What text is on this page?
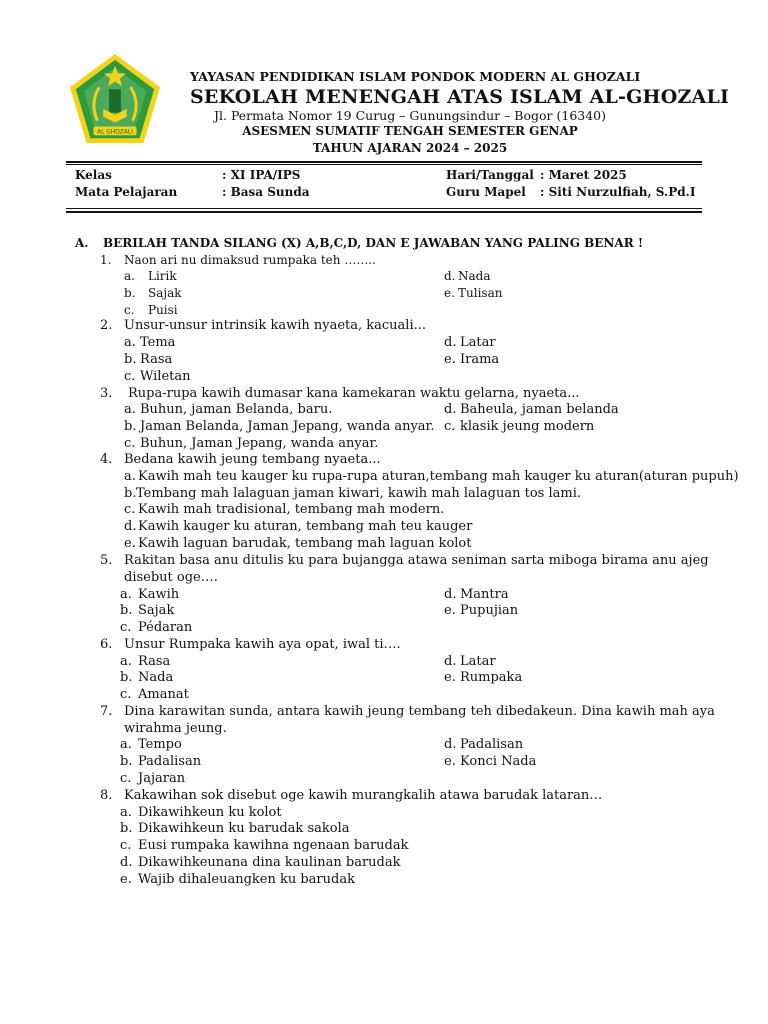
AL GHOZALI
YAYASAN PENDIDIKAN ISLAM PONDOK MODERN AL GHOZALI
SEKOLAH MENENGAH ATAS ISLAM AL-GHOZALI
Jl. Permata Nomor 19 Curug – Gunungsindur – Bogor (16340)
ASESMEN SUMATIF TENGAH SEMESTER GENAP
TAHUN AJARAN 2024 – 2025
Kelas	: XI IPA/IPS	Hari/Tanggal : Maret 2025
Mata Pelajaran	: Basa Sunda	Guru Mapel : Siti Nurzulfiah, S.Pd.I
A. BERILAH TANDA SILANG (X) A,B,C,D, DAN E JAWABAN YANG PALING BENAR !
1. Naon ari nu dimaksud rumpaka teh ……..
a. Lirik
b. Sajak
c. Puisi
d. Nada
e. Tulisan
2. Unsur-unsur intrinsik kawih nyaeta, kacuali...
a. Tema
b. Rasa
c. Wiletan
d. Latar
e. Irama
3. Rupa-rupa kawih dumasar kana kamekaran waktu gelarna, nyaeta...
a. Buhun, jaman Belanda, baru.
b. Jaman Belanda, Jaman Jepang, wanda anyar.
c. Buhun, Jaman Jepang, wanda anyar.
d. Baheula, jaman belanda
c. klasik jeung modern
4. Bedana kawih jeung tembang nyaeta...
a. Kawih mah teu kauger ku rupa-rupa aturan,tembang mah kauger ku aturan(aturan pupuh)
b.Tembang mah lalaguan jaman kiwari, kawih mah lalaguan tos lami.
c. Kawih mah tradisional, tembang mah modern.
d. Kawih kauger ku aturan, tembang mah teu kauger
e. Kawih laguan barudak, tembang mah laguan kolot
5. Rakitan basa anu ditulis ku para bujangga atawa seniman sarta miboga birama anu ajeg
disebut oge….
a. Kawih
b. Sajak
c. Pédaran
d. Mantra
e. Pupujian
6. Unsur Rumpaka kawih aya opat, iwal ti….
a. Rasa
b. Nada
c. Amanat
d. Latar
e. Rumpaka
7. Dina karawitan sunda, antara kawih jeung tembang teh dibedakeun. Dina kawih mah aya
wirahma jeung.
a. Tempo
b. Padalisan
c. Jajaran
d. Padalisan
e. Konci Nada
8. Kakawihan sok disebut oge kawih murangkalih atawa barudak lataran…
a. Dikawihkeun ku kolot
b. Dikawihkeun ku barudak sakola
c. Eusi rumpaka kawihna ngenaan barudak
d. Dikawihkeunana dina kaulinan barudak
e. Wajib dihaleuangken ku barudak
